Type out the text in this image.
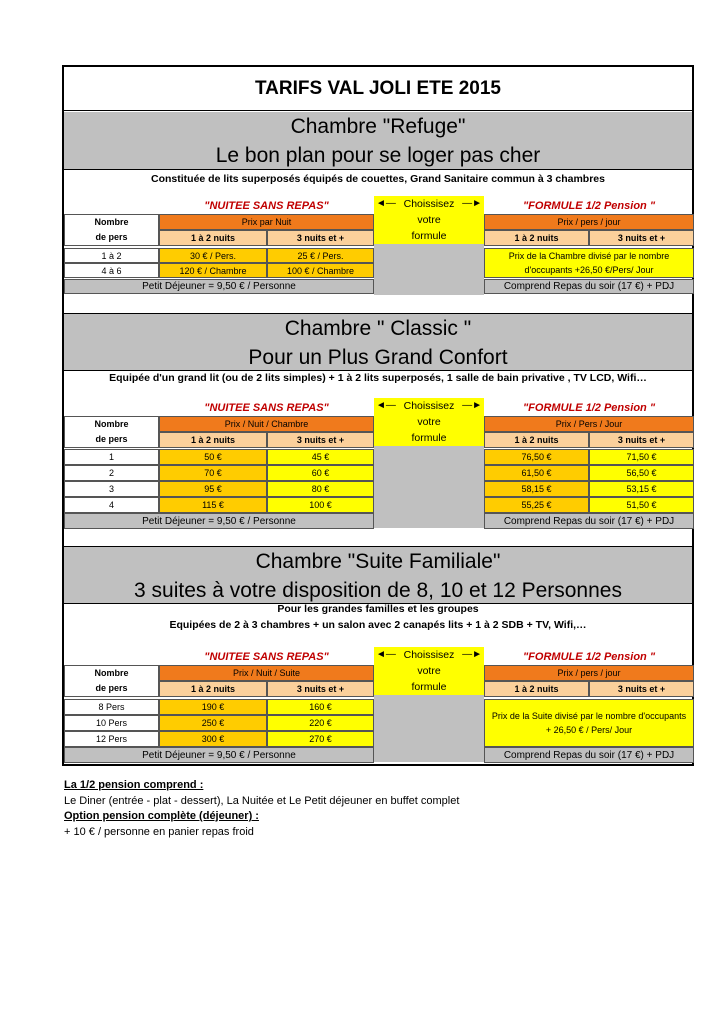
TARIFS VAL JOLI ETE 2015
Chambre "Refuge"
Le bon plan pour se loger pas cher
Constituée de lits superposés équipés de couettes, Grand Sanitaire commun à 3 chambres
"NUITEE SANS REPAS"	"FORMULE 1/2 Pension "
◄—	—►
Choissisez
votre
formule
Nombre
de pers
Prix par Nuit
1 à 2 nuits	3 nuits et +
Prix / pers / jour
1 à 2 nuits	3 nuits et +
1 à 2	30 € / Pers.	25 € / Pers.
4 à 6	120 € / Chambre	100 € / Chambre
Prix de la Chambre divisé par le nombre d'occupants +26,50 €/Pers/ Jour
Petit Déjeuner = 9,50 € / Personne	Comprend Repas du soir (17 €) + PDJ
Chambre " Classic "
Pour un Plus Grand Confort
Equipée d'un grand lit (ou de 2 lits simples) + 1 à 2 lits superposés, 1 salle de bain privative , TV LCD, Wifi…
"NUITEE SANS REPAS"	"FORMULE 1/2 Pension "
◄—	—►
Choissisez
votre
formule
Nombre
de pers
Prix / Nuit / Chambre
1 à 2 nuits	3 nuits et +
Prix / Pers / Jour
1 à 2 nuits	3 nuits et +
1	50 €	45 €	76,50 €	71,50 €
2	70 €	60 €	61,50 €	56,50 €
3	95 €	80 €	58,15 €	53,15 €
4	115 €	100 €	55,25 €	51,50 €
Petit Déjeuner = 9,50 € / Personne	Comprend Repas du soir (17 €) + PDJ
Chambre "Suite Familiale"
3 suites à votre disposition de 8, 10 et 12 Personnes
Pour les grandes familles et les groupes
Equipées de 2 à 3 chambres + un salon avec 2 canapés lits + 1 à 2 SDB + TV, Wifi,…
"NUITEE SANS REPAS"	"FORMULE 1/2 Pension "
◄—	—►
Choissisez
votre
formule
Nombre
de pers
Prix / Nuit / Suite
1 à 2 nuits	3 nuits et +
Prix / pers / jour
1 à 2 nuits	3 nuits et +
8 Pers	190 €	160 €
10 Pers	250 €	220 €
12 Pers	300 €	270 €
Prix de la Suite divisé par le nombre d'occupants + 26,50 € / Pers/ Jour
Petit Déjeuner = 9,50 € / Personne	Comprend Repas du soir (17 €) + PDJ
La 1/2 pension comprend :
Le Diner (entrée - plat - dessert), La Nuitée et Le Petit déjeuner en buffet complet
Option pension complète (déjeuner) :
+ 10 € / personne en panier repas froid
